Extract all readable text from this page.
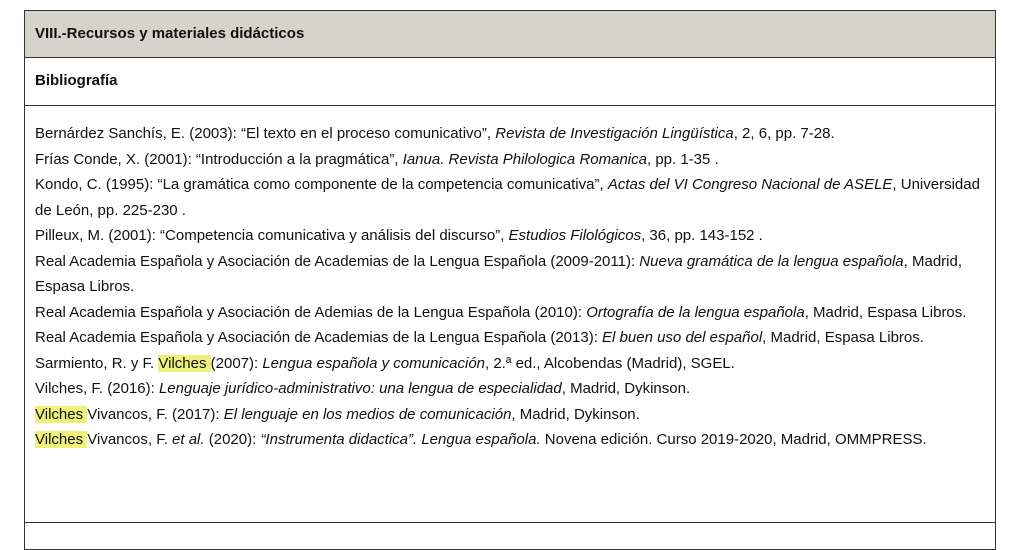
VIII.-Recursos y materiales didácticos
Bibliografía

Bernárdez Sanchís, E. (2003): “El texto en el proceso comunicativo”, Revista de Investigación Lingüística, 2, 6, pp. 7-28.

Frías Conde, X. (2001): “Introducción a la pragmática”, Ianua. Revista Philologica Romanica, pp. 1-35 .

Kondo, C. (1995): “La gramática como componente de la competencia comunicativa”, Actas del VI Congreso Nacional de ASELE, Universidad de León, pp. 225-230 .

Pilleux, M. (2001): “Competencia comunicativa y análisis del discurso”, Estudios Filológicos, 36, pp. 143-152 .

Real Academia Española y Asociación de Academias de la Lengua Española (2009-2011): Nueva gramática de la lengua española, Madrid, Espasa Libros.

Real Academia Española y Asociación de Ademias de la Lengua Española (2010): Ortografía de la lengua española, Madrid, Espasa Libros.

Real Academia Española y Asociación de Academias de la Lengua Española (2013): El buen uso del español, Madrid, Espasa Libros.

Sarmiento, R. y F. Vilches (2007): Lengua española y comunicación, 2.ª ed., Alcobendas (Madrid), SGEL.

Vilches, F. (2016): Lenguaje jurídico-administrativo: una lengua de especialidad, Madrid, Dykinson.

Vilches Vivancos, F. (2017): El lenguaje en los medios de comunicación, Madrid, Dykinson.

Vilches Vivancos, F. et al. (2020): “Instrumenta didactica”. Lengua española. Novena edición. Curso 2019-2020, Madrid, OMMPRESS.
